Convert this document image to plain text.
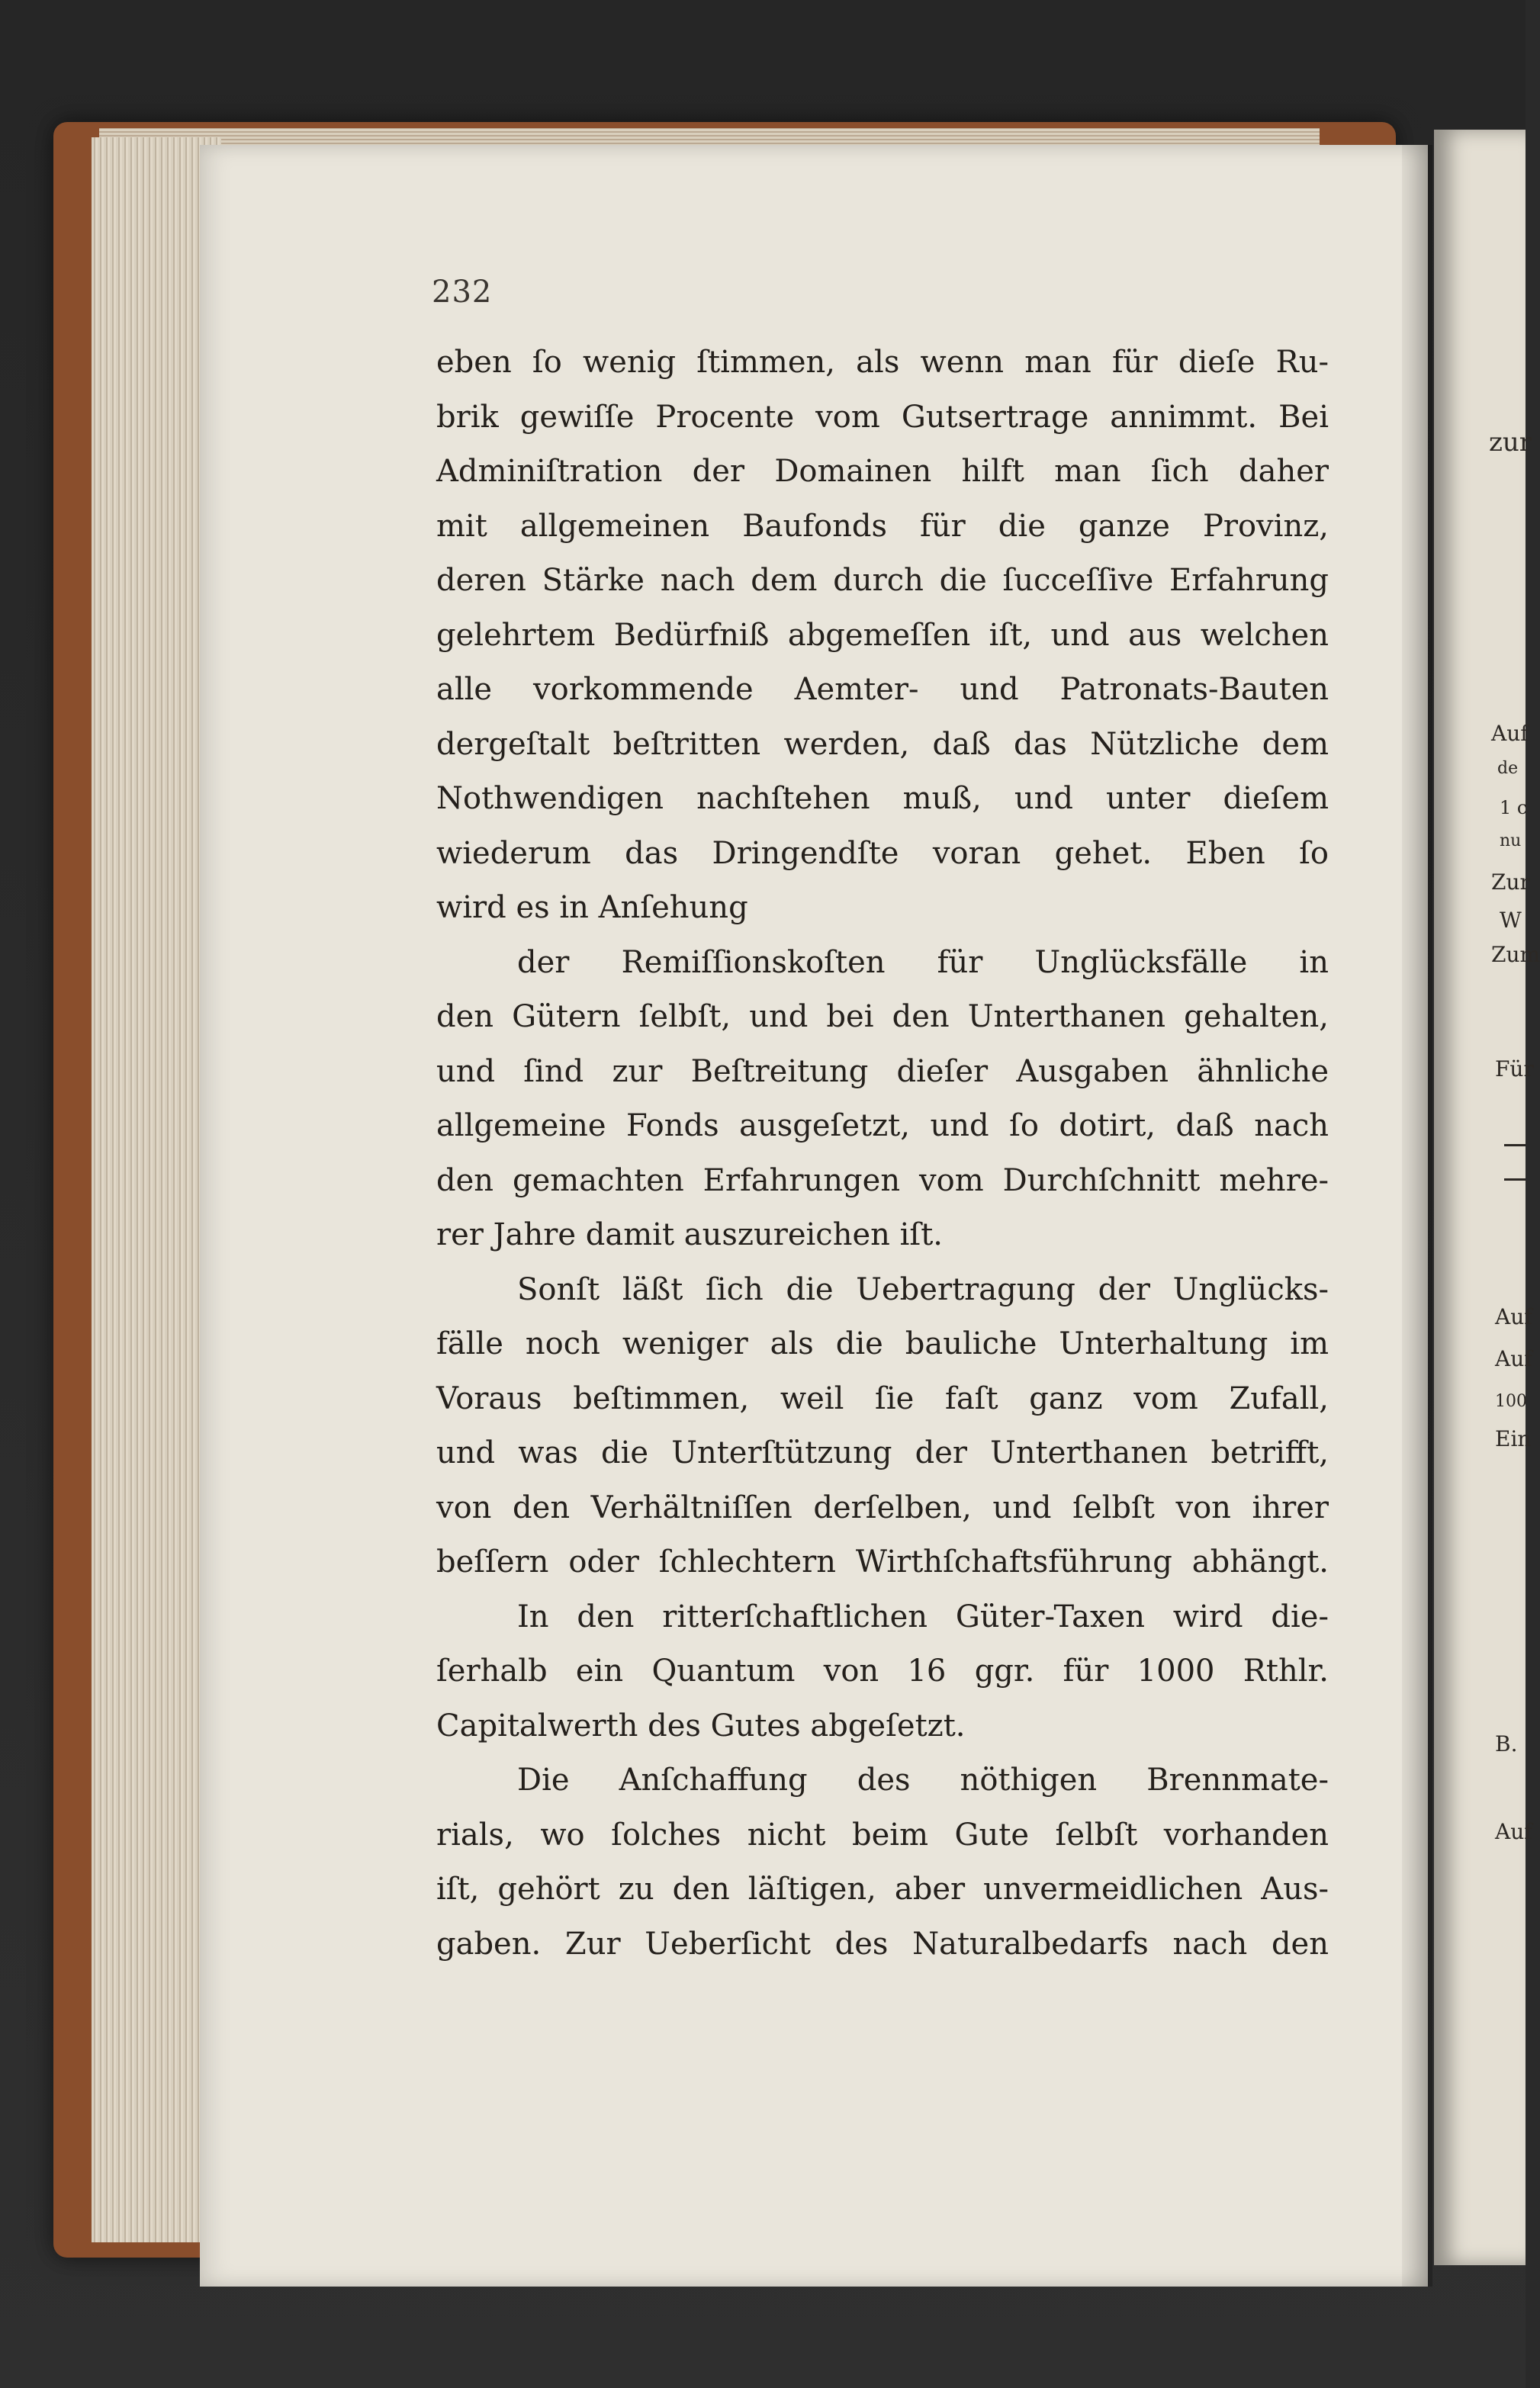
232
eben ſo wenig ſtimmen, als wenn man für dieſe Ru-
brik gewiſſe Procente vom Gutsertrage annimmt. Bei
Adminiſtration der Domainen hilft man ſich daher
mit allgemeinen Baufonds für die ganze Provinz,
deren Stärke nach dem durch die ſucceſſive Erfahrung
gelehrtem Bedürfniß abgemeſſen iſt, und aus welchen
alle vorkommende Aemter- und Patronats-Bauten
dergeſtalt beſtritten werden, daß das Nützliche dem
Nothwendigen nachſtehen muß, und unter dieſem
wiederum das Dringendſte voran gehet. Eben ſo
wird es in Anſehung
der Remiſſionskoſten für Unglücksfälle in
den Gütern ſelbſt, und bei den Unterthanen gehalten,
und ſind zur Beſtreitung dieſer Ausgaben ähnliche
allgemeine Fonds ausgeſetzt, und ſo dotirt, daß nach
den gemachten Erfahrungen vom Durchſchnitt mehre-
rer Jahre damit auszureichen iſt.
Sonſt läßt ſich die Uebertragung der Unglücks-
fälle noch weniger als die bauliche Unterhaltung im
Voraus beſtimmen, weil ſie faſt ganz vom Zufall,
und was die Unterſtützung der Unterthanen betrifft,
von den Verhältniſſen derſelben, und ſelbſt von ihrer
beſſern oder ſchlechtern Wirthſchaftsführung abhängt.
In den ritterſchaftlichen Güter-Taxen wird die-
ſerhalb ein Quantum von 16 ggr. für 1000 Rthlr.
Capitalwerth des Gutes abgeſetzt.
Die Anſchaffung des nöthigen Brennmate-
rials, wo ſolches nicht beim Gute ſelbſt vorhanden
iſt, gehört zu den läſtigen, aber unvermeidlichen Aus-
gaben. Zur Ueberſicht des Naturalbedarfs nach den
zur
Auf
de
1 c
nu
Zur
W
Zum
Für
Auf
Auf
100
Ein
B.
Auf
